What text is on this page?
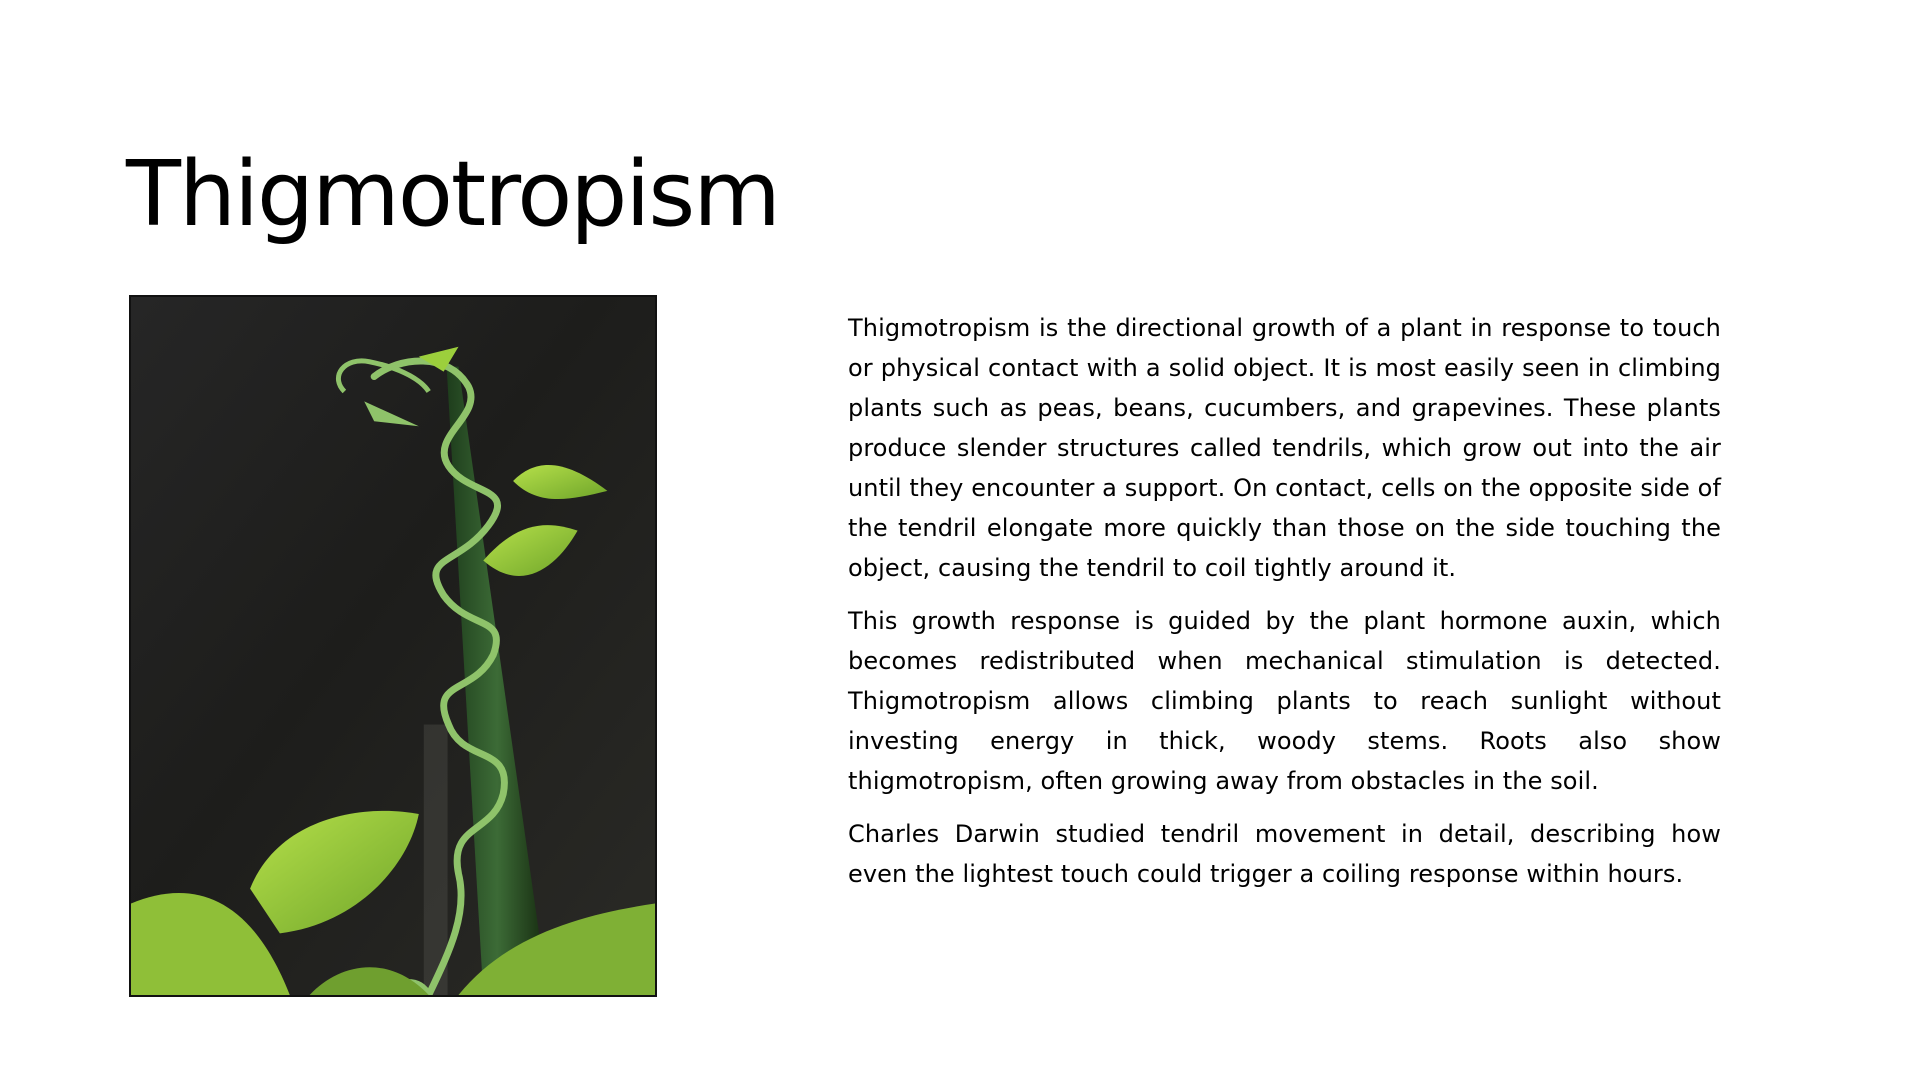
Thigmotropism

Thigmotropism is the directional growth of a plant in response to touch or physical contact with a solid object. It is most easily seen in climbing plants such as peas, beans, cucumbers, and grapevines. These plants produce slender structures called tendrils, which grow out into the air until they encounter a support. On contact, cells on the opposite side of the tendril elongate more quickly than those on the side touching the object, causing the tendril to coil tightly around it.

This growth response is guided by the plant hormone auxin, which becomes redistributed when mechanical stimulation is detected. Thigmotropism allows climbing plants to reach sunlight without investing energy in thick, woody stems. Roots also show thigmotropism, often growing away from obstacles in the soil.

Charles Darwin studied tendril movement in detail, describing how even the lightest touch could trigger a coiling response within hours.
